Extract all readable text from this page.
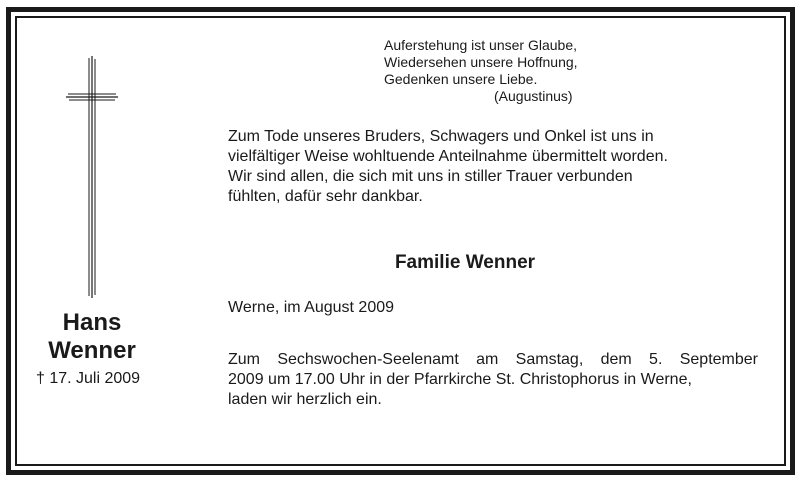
Hans

Wenner

† 17. Juli 2009
Auferstehung ist unser Glaube,
Wiedersehen unsere Hoffnung,
Gedenken unsere Liebe.
(Augustinus)
Zum Tode unseres Bruders, Schwagers und Onkel ist uns in
vielfältiger Weise wohltuende Anteilnahme übermittelt worden.
Wir sind allen, die sich mit uns in stiller Trauer verbunden
fühlten, dafür sehr dankbar.

Familie Wenner

Werne, im August 2009
Zum Sechswochen-Seelenamt am Samstag, dem 5. September
2009 um 17.00 Uhr in der Pfarrkirche St. Christophorus in Werne,
laden wir herzlich ein.
